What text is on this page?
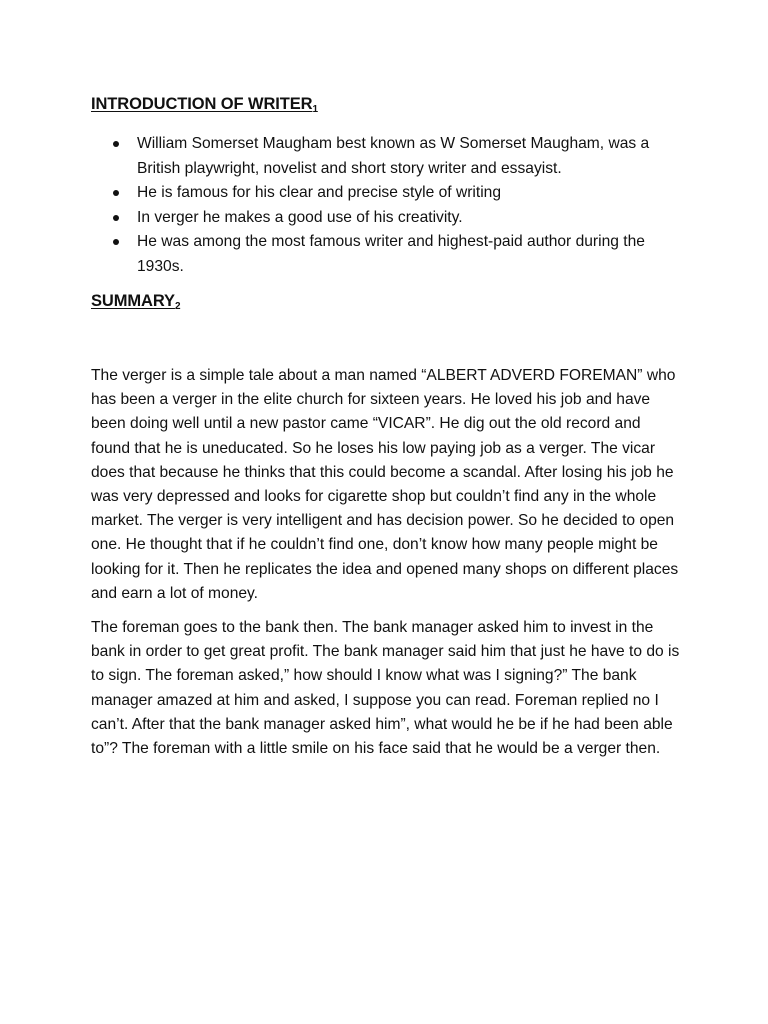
INTRODUCTION OF $WRITER_1$
William Somerset Maugham best known as W Somerset Maugham, was a British playwright, novelist and short story writer and essayist.
He is famous for his clear and precise style of writing
In verger he makes a good use of his creativity.
He was among the most famous writer and highest-paid author during the 1930s.
$SUMMARY_2$

The verger is a simple tale about a man named “ALBERT ADVERD FOREMAN” who has been a verger in the elite church for sixteen years. He loved his job and have been doing well until a new pastor came “VICAR”. He dig out the old record and found that he is uneducated. So he loses his low paying job as a verger. The vicar does that because he thinks that this could become a scandal. After losing his job he was very depressed and looks for cigarette shop but couldn’t find any in the whole market. The verger is very intelligent and has decision power. So he decided to open one. He thought that if he couldn’t find one, don’t know how many people might be looking for it. Then he replicates the idea and opened many shops on different places and earn a lot of money.

The foreman goes to the bank then. The bank manager asked him to invest in the bank in order to get great profit. The bank manager said him that just he have to do is to sign. The foreman asked,” how should I know what was I signing?” The bank manager amazed at him and asked, I suppose you can read. Foreman replied no I can’t. After that the bank manager asked him”, what would he be if he had been able to”? The foreman with a little smile on his face said that he would be a verger then.
